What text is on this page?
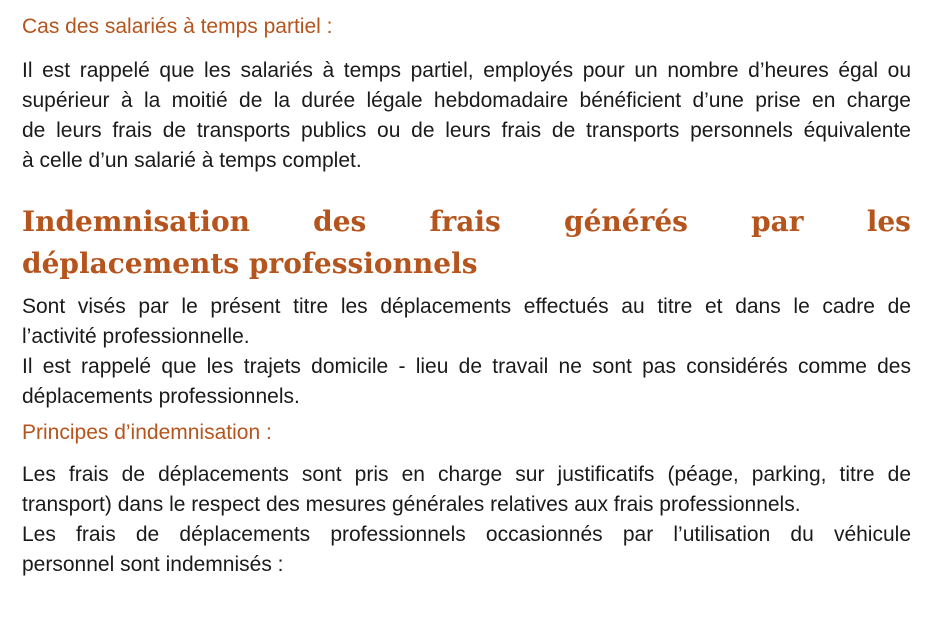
Cas des salariés à temps partiel :

Il est rappelé que les salariés à temps partiel, employés pour un nombre d’heures égal ou
supérieur à la moitié de la durée légale hebdomadaire bénéficient d’une prise en charge
de leurs frais de transports publics ou de leurs frais de transports personnels équivalente
à celle d’un salarié à temps complet.

Indemnisation des frais générés par les
déplacements professionnels

Sont visés par le présent titre les déplacements effectués au titre et dans le cadre de
l’activité professionnelle.
Il est rappelé que les trajets domicile - lieu de travail ne sont pas considérés comme des
déplacements professionnels.

Principes d’indemnisation :

Les frais de déplacements sont pris en charge sur justificatifs (péage, parking, titre de
transport) dans le respect des mesures générales relatives aux frais professionnels.
Les frais de déplacements professionnels occasionnés par l’utilisation du véhicule
personnel sont indemnisés :
